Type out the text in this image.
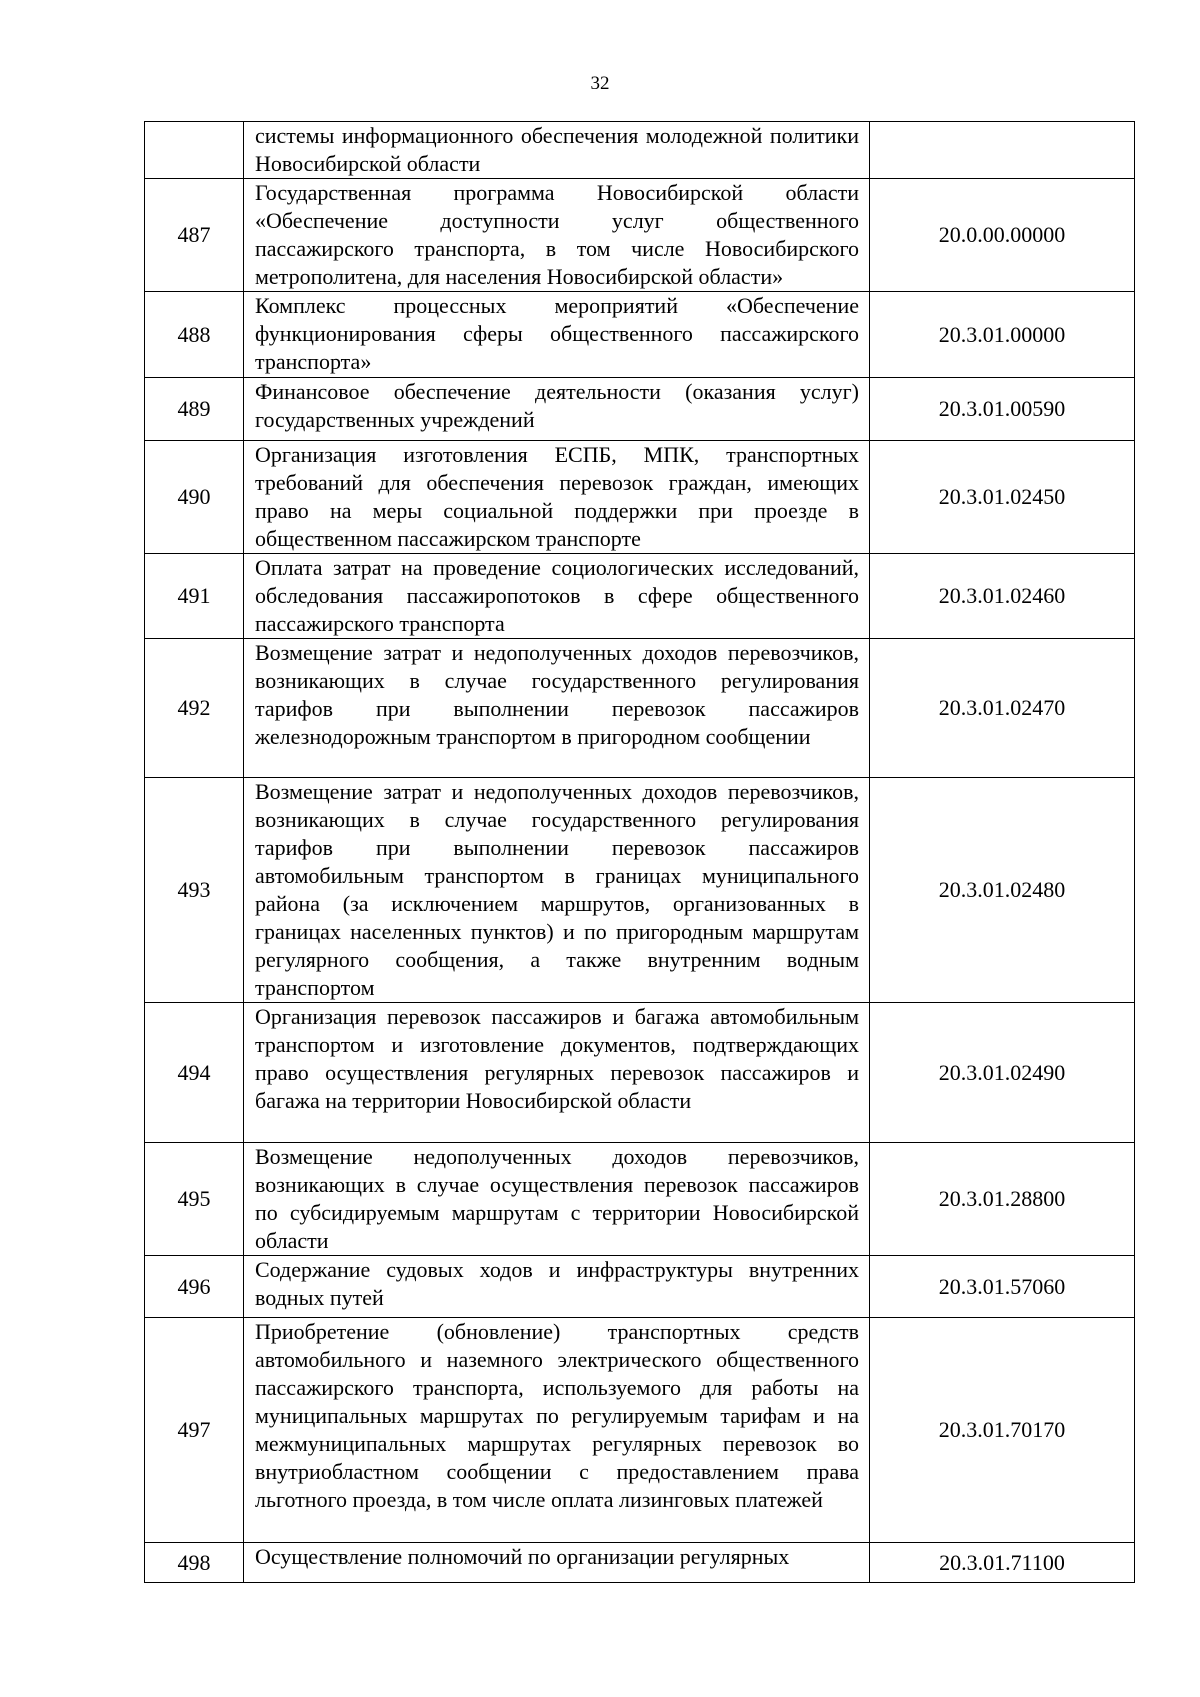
32
	системы информационного обеспечения молодежной политики Новосибирской области	
487	Государственная программа Новосибирской области «Обеспечение доступности услуг общественного пассажирского транспорта, в том числе Новосибирского метрополитена, для населения Новосибирской области»	20.0.00.00000
488	Комплекс процессных мероприятий «Обеспечение функционирования сферы общественного пассажирского транспорта»	20.3.01.00000
489	Финансовое обеспечение деятельности (оказания услуг) государственных учреждений	20.3.01.00590
490	Организация изготовления ЕСПБ, МПК, транспортных требований для обеспечения перевозок граждан, имеющих право на меры социальной поддержки при проезде в общественном пассажирском транспорте	20.3.01.02450
491	Оплата затрат на проведение социологических исследований, обследования пассажиропотоков в сфере общественного пассажирского транспорта	20.3.01.02460
492	Возмещение затрат и недополученных доходов перевозчиков, возникающих в случае государственного регулирования тарифов при выполнении перевозок пассажиров железнодорожным транспортом в пригородном сообщении	20.3.01.02470
493	Возмещение затрат и недополученных доходов перевозчиков, возникающих в случае государственного регулирования тарифов при выполнении перевозок пассажиров автомобильным транспортом в границах муниципального района (за исключением маршрутов, организованных в границах населенных пунктов) и по пригородным маршрутам регулярного сообщения, а также внутренним водным транспортом	20.3.01.02480
494	Организация перевозок пассажиров и багажа автомобильным транспортом и изготовление документов, подтверждающих право осуществления регулярных перевозок пассажиров и багажа на территории Новосибирской области	20.3.01.02490
495	Возмещение недополученных доходов перевозчиков, возникающих в случае осуществления перевозок пассажиров по субсидируемым маршрутам с территории Новосибирской области	20.3.01.28800
496	Содержание судовых ходов и инфраструктуры внутренних водных путей	20.3.01.57060
497	Приобретение (обновление) транспортных средств автомобильного и наземного электрического общественного пассажирского транспорта, используемого для работы на муниципальных маршрутах по регулируемым тарифам и на межмуниципальных маршрутах регулярных перевозок во внутриобластном сообщении с предоставлением права льготного проезда, в том числе оплата лизинговых платежей	20.3.01.70170
498	Осуществление полномочий по организации регулярных	20.3.01.71100
